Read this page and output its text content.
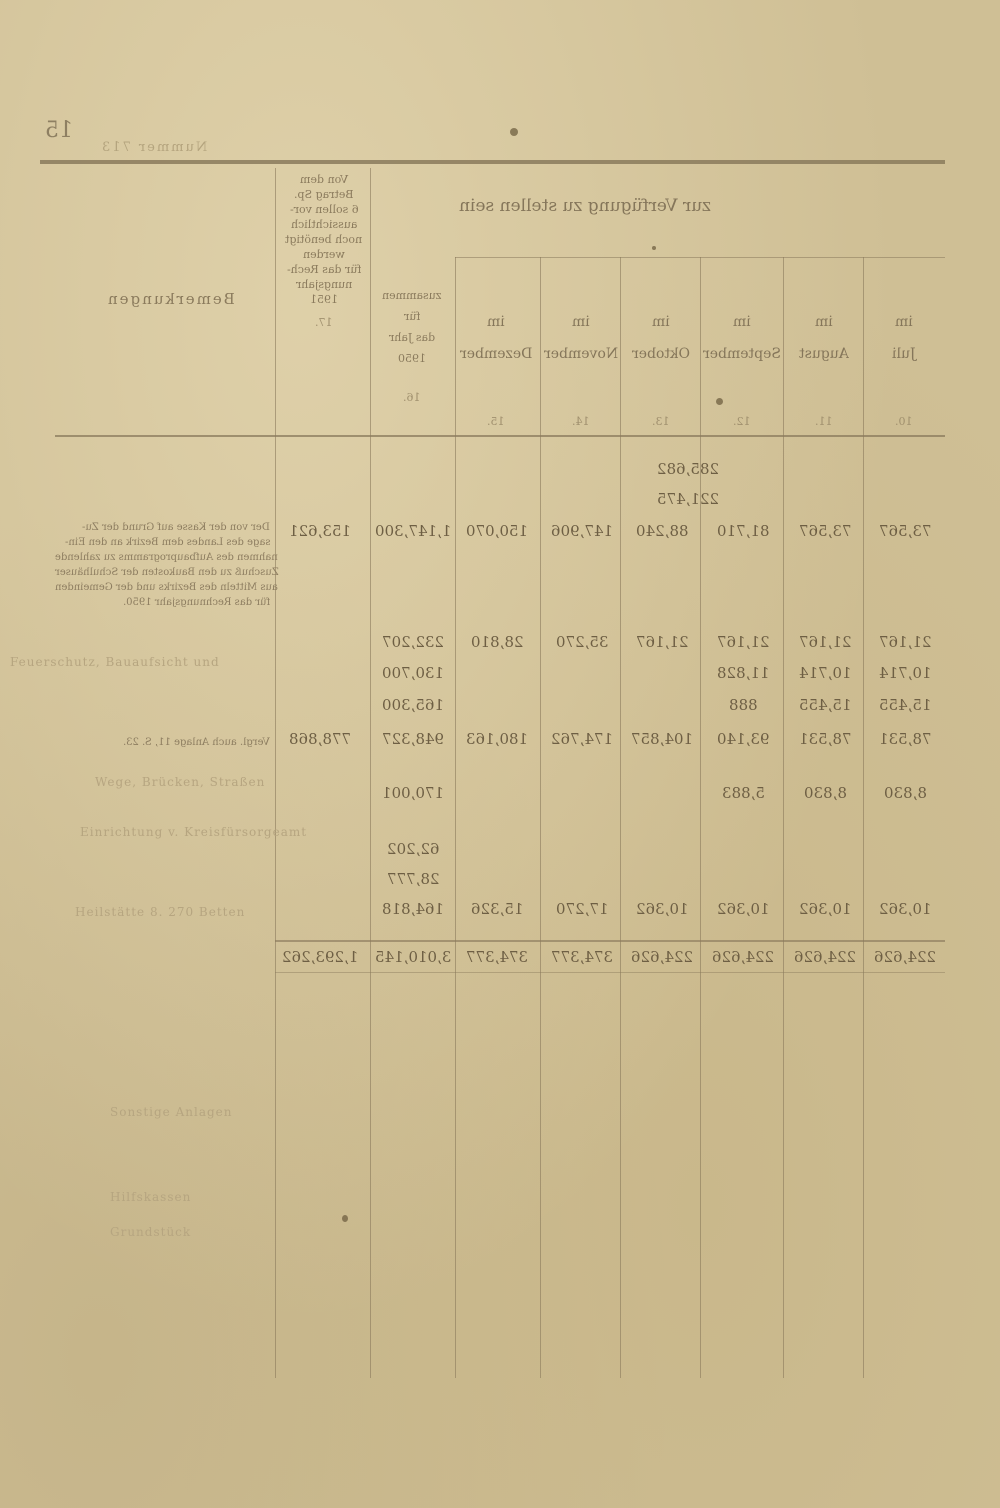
15
Nummer 713
zur Verfügung zu stellen sein
Bemerkungen
Von dem
Betrag Sp.
6 sollen vor-
aussichtlich
noch benötigt
werden
für das Rech-
nungsjahr
1951
17.
zusammen
für
das Jahr
1950
16.
im
Juli
im
August
im
September
im
Oktober
im
November
im
Dezember
10.
11.
12.
13.
14.
15.
285,682
221,475
73,567
73,567
81,710
88,240
147,906
150,070
1,147,300
153,621
21,167
21,167
21,167
21,167
35,270
28,810
232,207
10,714
10,714
11,828
130,700
15,455
15,455
888
165,300
78,531
78,531
93,140
104,857
174,762
180,163
948,327
778,868
8,830
8,830
5,883
170,001
62,202
28,777
10,362
10,362
10,362
10,362
17,270
15,326
164,818
224,626
224,626
224,626
224,626
374,377
374,377
3,010,145
1,293,262
Der von der Kasse auf Grund der Zu-
sage des Landes dem Bezirk an den Ein-
nahmen des Aufbauprogramms zu zahlende
Zuschuß zu den Baukosten der Schulhäuser
aus Mitteln des Bezirks und der Gemeinden
für das Rechnungsjahr 1950.
Vergl. auch Anlage 11, S. 23.
Feuerschutz, Bauaufsicht und
Wege, Brücken, Straßen
Einrichtung v. Kreisfürsorgeamt
Heilstätte 8. 270 Betten
Sonstige Anlagen
Hilfskassen
Grundstück
